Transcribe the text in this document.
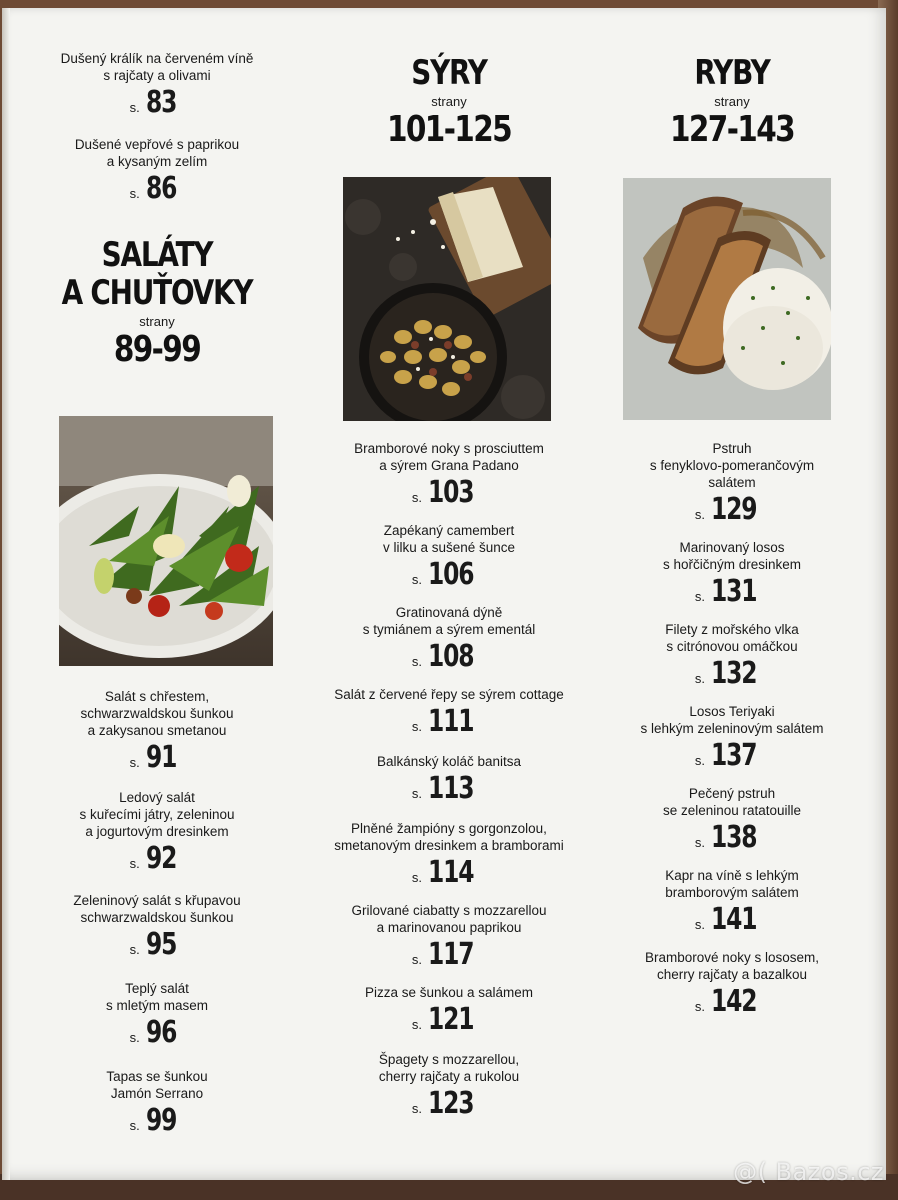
Dušený králík na červeném víně
s rajčaty a olivami
s. 83
Dušené vepřové s paprikou
a kysaným zelím
s. 86
SALÁTY
A CHUŤOVKY
strany
89-99
Salát s chřestem,
schwarzwaldskou šunkou
a zakysanou smetanou
s. 91
Ledový salát
s kuřecími játry, zeleninou
a jogurtovým dresinkem
s. 92
Zeleninový salát s křupavou
schwarzwaldskou šunkou
s. 95
Teplý salát
s mletým masem
s. 96
Tapas se šunkou
Jamón Serrano
s. 99
SÝRY
strany
101-125
Bramborové noky s prosciuttem
a sýrem Grana Padano
s. 103
Zapékaný camembert
v lilku a sušené šunce
s. 106
Gratinovaná dýně
s tymiánem a sýrem ementál
s. 108
Salát z červené řepy se sýrem cottage
s. 111
Balkánský koláč banitsa
s. 113
Plněné žampióny s gorgonzolou,
smetanovým dresinkem a bramborami
s. 114
Grilované ciabatty s mozzarellou
a marinovanou paprikou
s. 117
Pizza se šunkou a salámem
s. 121
Špagety s mozzarellou,
cherry rajčaty a rukolou
s. 123
RYBY
strany
127-143
Pstruh
s fenyklovo-pomerančovým
salátem
s. 129
Marinovaný losos
s hořčičným dresinkem
s. 131
Filety z mořského vlka
s citrónovou omáčkou
s. 132
Losos Teriyaki
s lehkým zeleninovým salátem
s. 137
Pečený pstruh
se zeleninou ratatouille
s. 138
Kapr na víně s lehkým
bramborovým salátem
s. 141
Bramborové noky s lososem,
cherry rajčaty a bazalkou
s. 142
@( Bazos.cz
